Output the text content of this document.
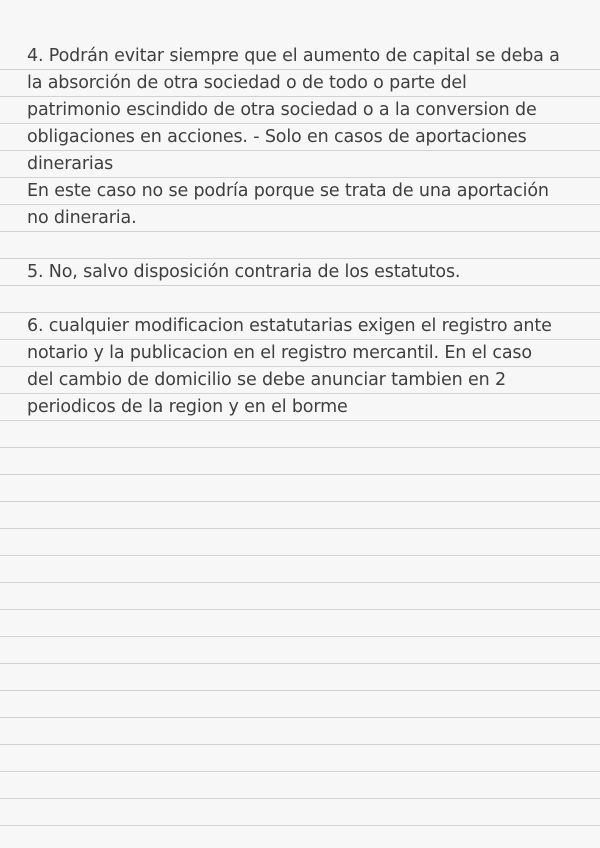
4. Podrán evitar siempre que el aumento de capital se deba a
la absorción de otra sociedad o de todo o parte del
patrimonio escindido de otra sociedad o a la conversion de
obligaciones en acciones. - Solo en casos de aportaciones
dinerarias
En este caso no se podría porque se trata de una aportación
no dineraria.
5. No, salvo disposición contraria de los estatutos.
6. cualquier modificacion estatutarias exigen el registro ante
notario y la publicacion en el registro mercantil. En el caso
del cambio de domicilio se debe anunciar tambien en 2
periodicos de la region y en el borme
